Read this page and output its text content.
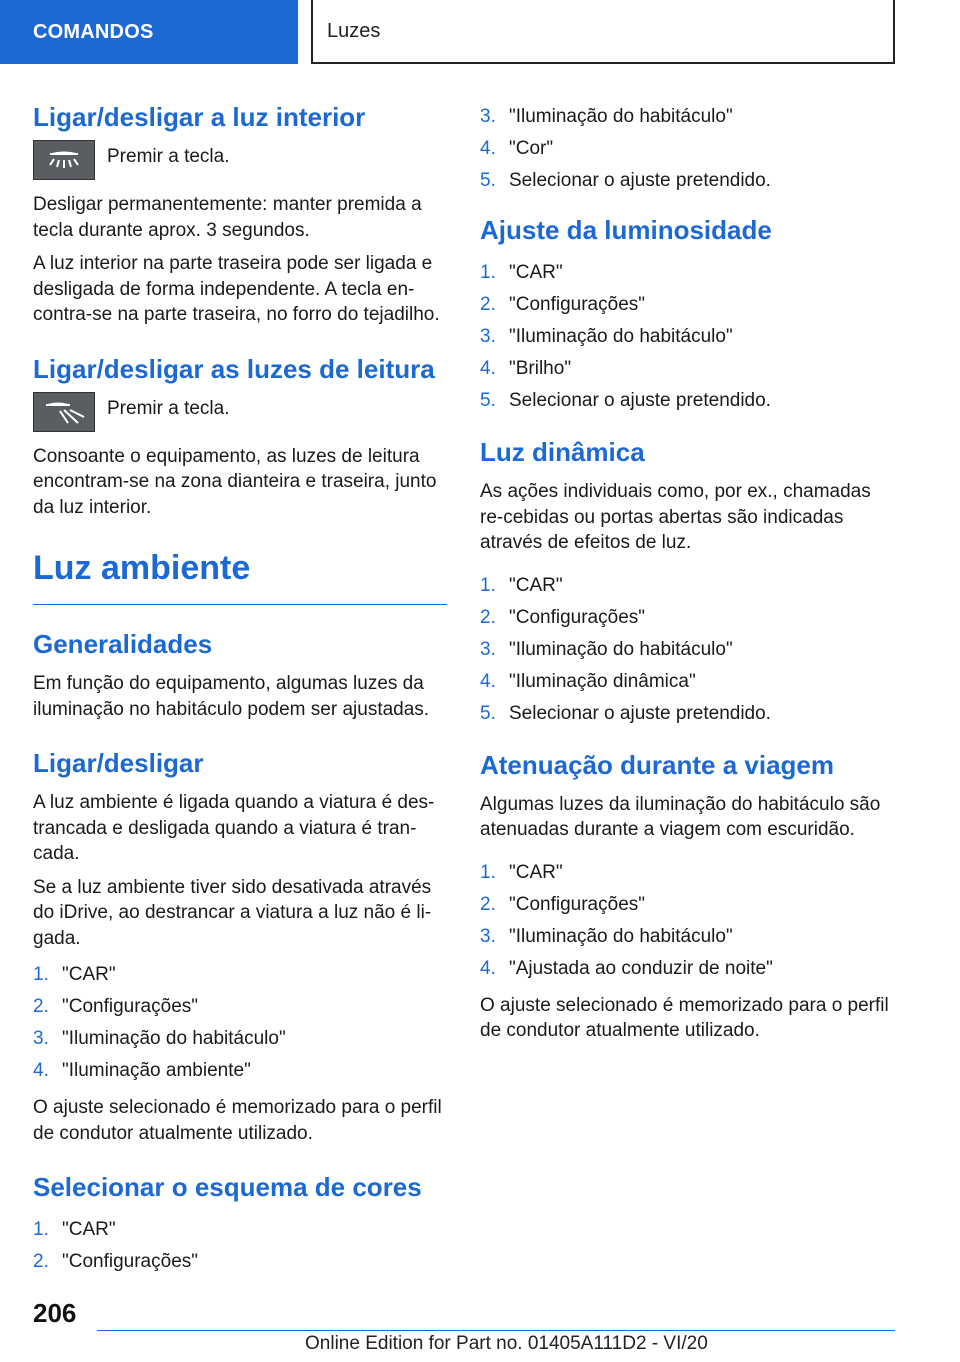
COMANDOS	Luzes
Ligar/desligar a luz interior
Premir a tecla.

Desligar permanentemente: manter premida a tecla durante aprox. 3 segundos.

A luz interior na parte traseira pode ser ligada e desligada de forma independente. A tecla en-contra-se na parte traseira, no forro do tejadilho.

Ligar/desligar as luzes de leitura
Premir a tecla.

Consoante o equipamento, as luzes de leitura encontram-se na zona dianteira e traseira, junto da luz interior.

Luz ambiente
Generalidades

Em função do equipamento, algumas luzes da iluminação no habitáculo podem ser ajustadas.

Ligar/desligar

A luz ambiente é ligada quando a viatura é des-trancada e desligada quando a viatura é tran-cada.

Se a luz ambiente tiver sido desativada através do iDrive, ao destrancar a viatura a luz não é li-gada.

1. "CAR"
2. "Configurações"
3. "Iluminação do habitáculo"
4. "Iluminação ambiente"

O ajuste selecionado é memorizado para o perfil de condutor atualmente utilizado.

Selecionar o esquema de cores
1. "CAR"
2. "Configurações"
3. "Iluminação do habitáculo"
4. "Cor"
5. Selecionar o ajuste pretendido.
Ajuste da luminosidade
1. "CAR"
2. "Configurações"
3. "Iluminação do habitáculo"
4. "Brilho"
5. Selecionar o ajuste pretendido.
Luz dinâmica

As ações individuais como, por ex., chamadas re-cebidas ou portas abertas são indicadas através de efeitos de luz.

1. "CAR"
2. "Configurações"
3. "Iluminação do habitáculo"
4. "Iluminação dinâmica"
5. Selecionar o ajuste pretendido.
Atenuação durante a viagem

Algumas luzes da iluminação do habitáculo são atenuadas durante a viagem com escuridão.

1. "CAR"
2. "Configurações"
3. "Iluminação do habitáculo"
4. "Ajustada ao conduzir de noite"

O ajuste selecionado é memorizado para o perfil de condutor atualmente utilizado.

206
Online Edition for Part no. 01405A111D2 - VI/20
